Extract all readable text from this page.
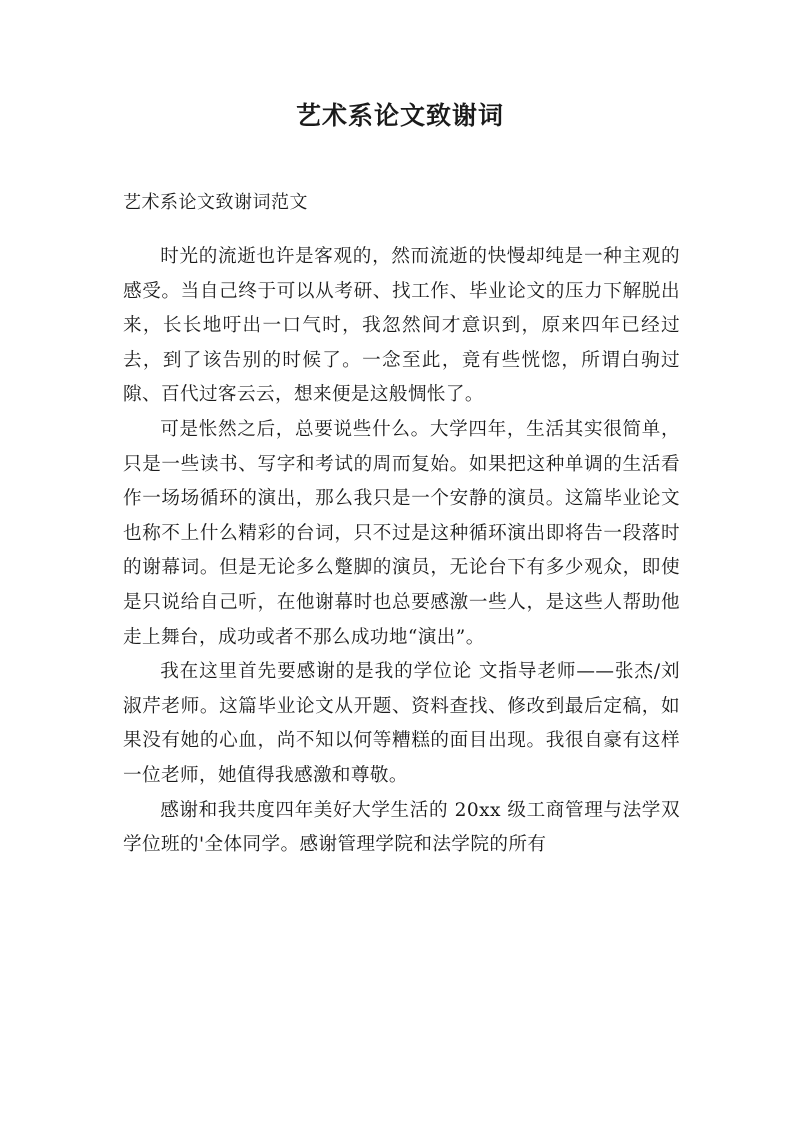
艺术系论文致谢词

艺术系论文致谢词范文

时光的流逝也许是客观的，然而流逝的快慢却纯是一种主观的感受。当自己终于可以从考研、找工作、毕业论文的压力下解脱出来，长长地吁出一口气时，我忽然间才意识到，原来四年已经过去，到了该告别的时候了。一念至此，竟有些恍惚，所谓白驹过隙、百代过客云云，想来便是这般惆怅了。

可是怅然之后，总要说些什么。大学四年，生活其实很简单，只是一些读书、写字和考试的周而复始。如果把这种单调的生活看作一场场循环的演出，那么我只是一个安静的演员。这篇毕业论文也称不上什么精彩的台词，只不过是这种循环演出即将告一段落时的谢幕词。但是无论多么蹩脚的演员，无论台下有多少观众，即使是只说给自己听，在他谢幕时也总要感激一些人，是这些人帮助他走上舞台，成功或者不那么成功地“演出”。

我在这里首先要感谢的是我的学位论 文指导老师——张杰/刘淑芹老师。这篇毕业论文从开题、资料查找、修改到最后定稿，如果没有她的心血，尚不知以何等糟糕的面目出现。我很自豪有这样一位老师，她值得我感激和尊敬。

感谢和我共度四年美好大学生活的 20xx 级工商管理与法学双学位班的'全体同学。感谢管理学院和法学院的所有
